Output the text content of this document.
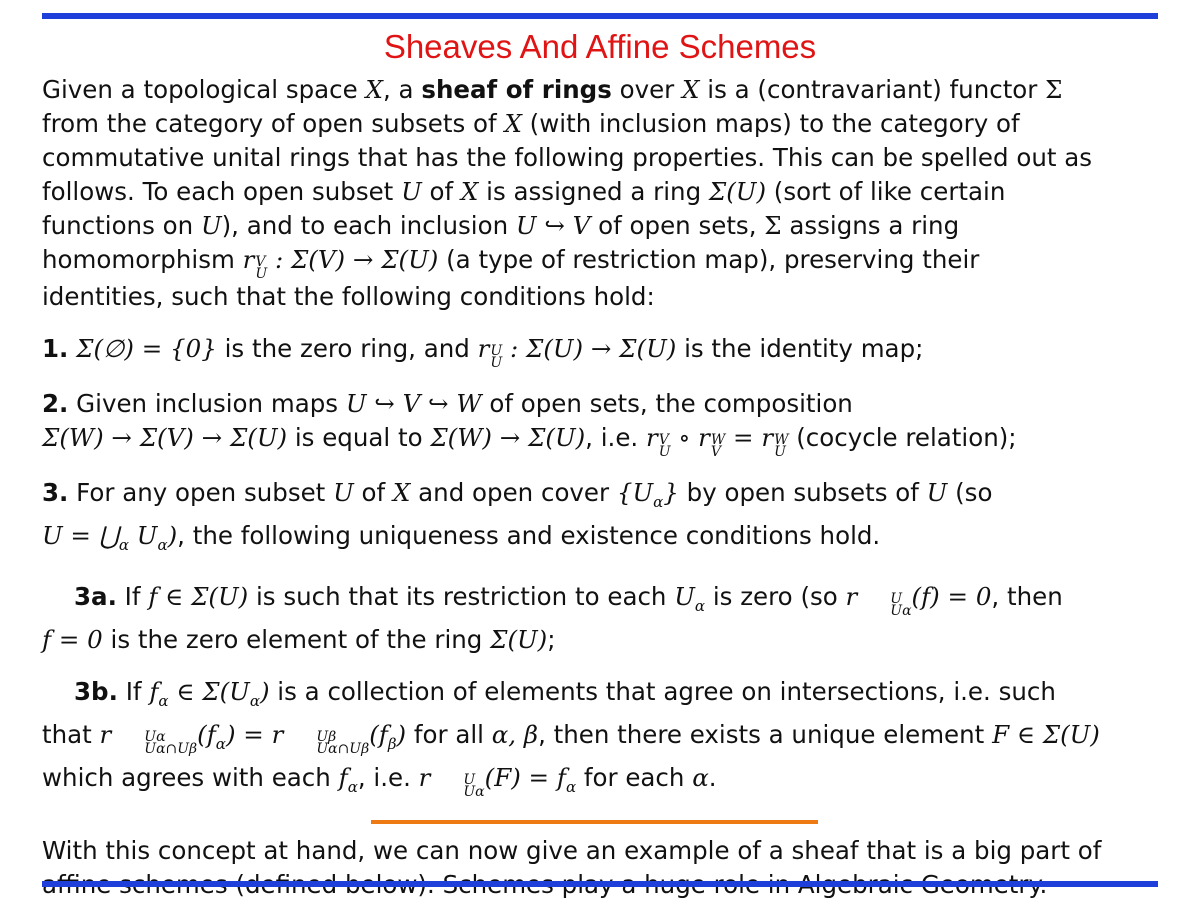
Sheaves And Affine Schemes

Given a topological space X, a sheaf of rings over X is a (contravariant) functor Σ
from the category of open subsets of X (with inclusion maps) to the category of
commutative unital rings that has the following properties. This can be spelled out as
follows. To each open subset U of X is assigned a ring Σ(U) (sort of like certain
functions on U), and to each inclusion U ↪ V of open sets, Σ assigns a ring
homomorphism r V
U : Σ(V) → Σ(U) (a type of restriction map), preserving their
identities, such that the following conditions hold:

1. Σ(∅) = {0} is the zero ring, and r U
U : Σ(U) → Σ(U) is the identity map;

2. Given inclusion maps U ↪ V ↪ W of open sets, the composition
Σ(W) → Σ(V) → Σ(U) is equal to Σ(W) → Σ(U), i.e. r V
U ∘ r W
V = r W
U (cocycle relation);

3. For any open subset U of X and open cover $\{U_\alpha\}$ by open subsets of U (so
$U = ⋃_\alpha$ $U_\alpha$), the following uniqueness and existence conditions hold.

3a. If f ∈ Σ(U) is such that its restriction to each $U_\alpha$ is zero (so r	U
Uα (f) = 0, then
f = 0 is the zero element of the ring Σ(U);

3b. If $f_\alpha$ ∈ $\Sigma(U_\alpha)$ is a collection of elements that agree on intersections, i.e. such
that r	Uα
Uα∩Uβ $(f_\alpha) = r$	Uβ
Uα∩Uβ $(f_\beta)$ for all α, β, then there exists a unique element F ∈ Σ(U)
which agrees with each $f_\alpha$, i.e. r	U
Uα $(F) = f_\alpha$ for each α.

With this concept at hand, we can now give an example of a sheaf that is a big part of
